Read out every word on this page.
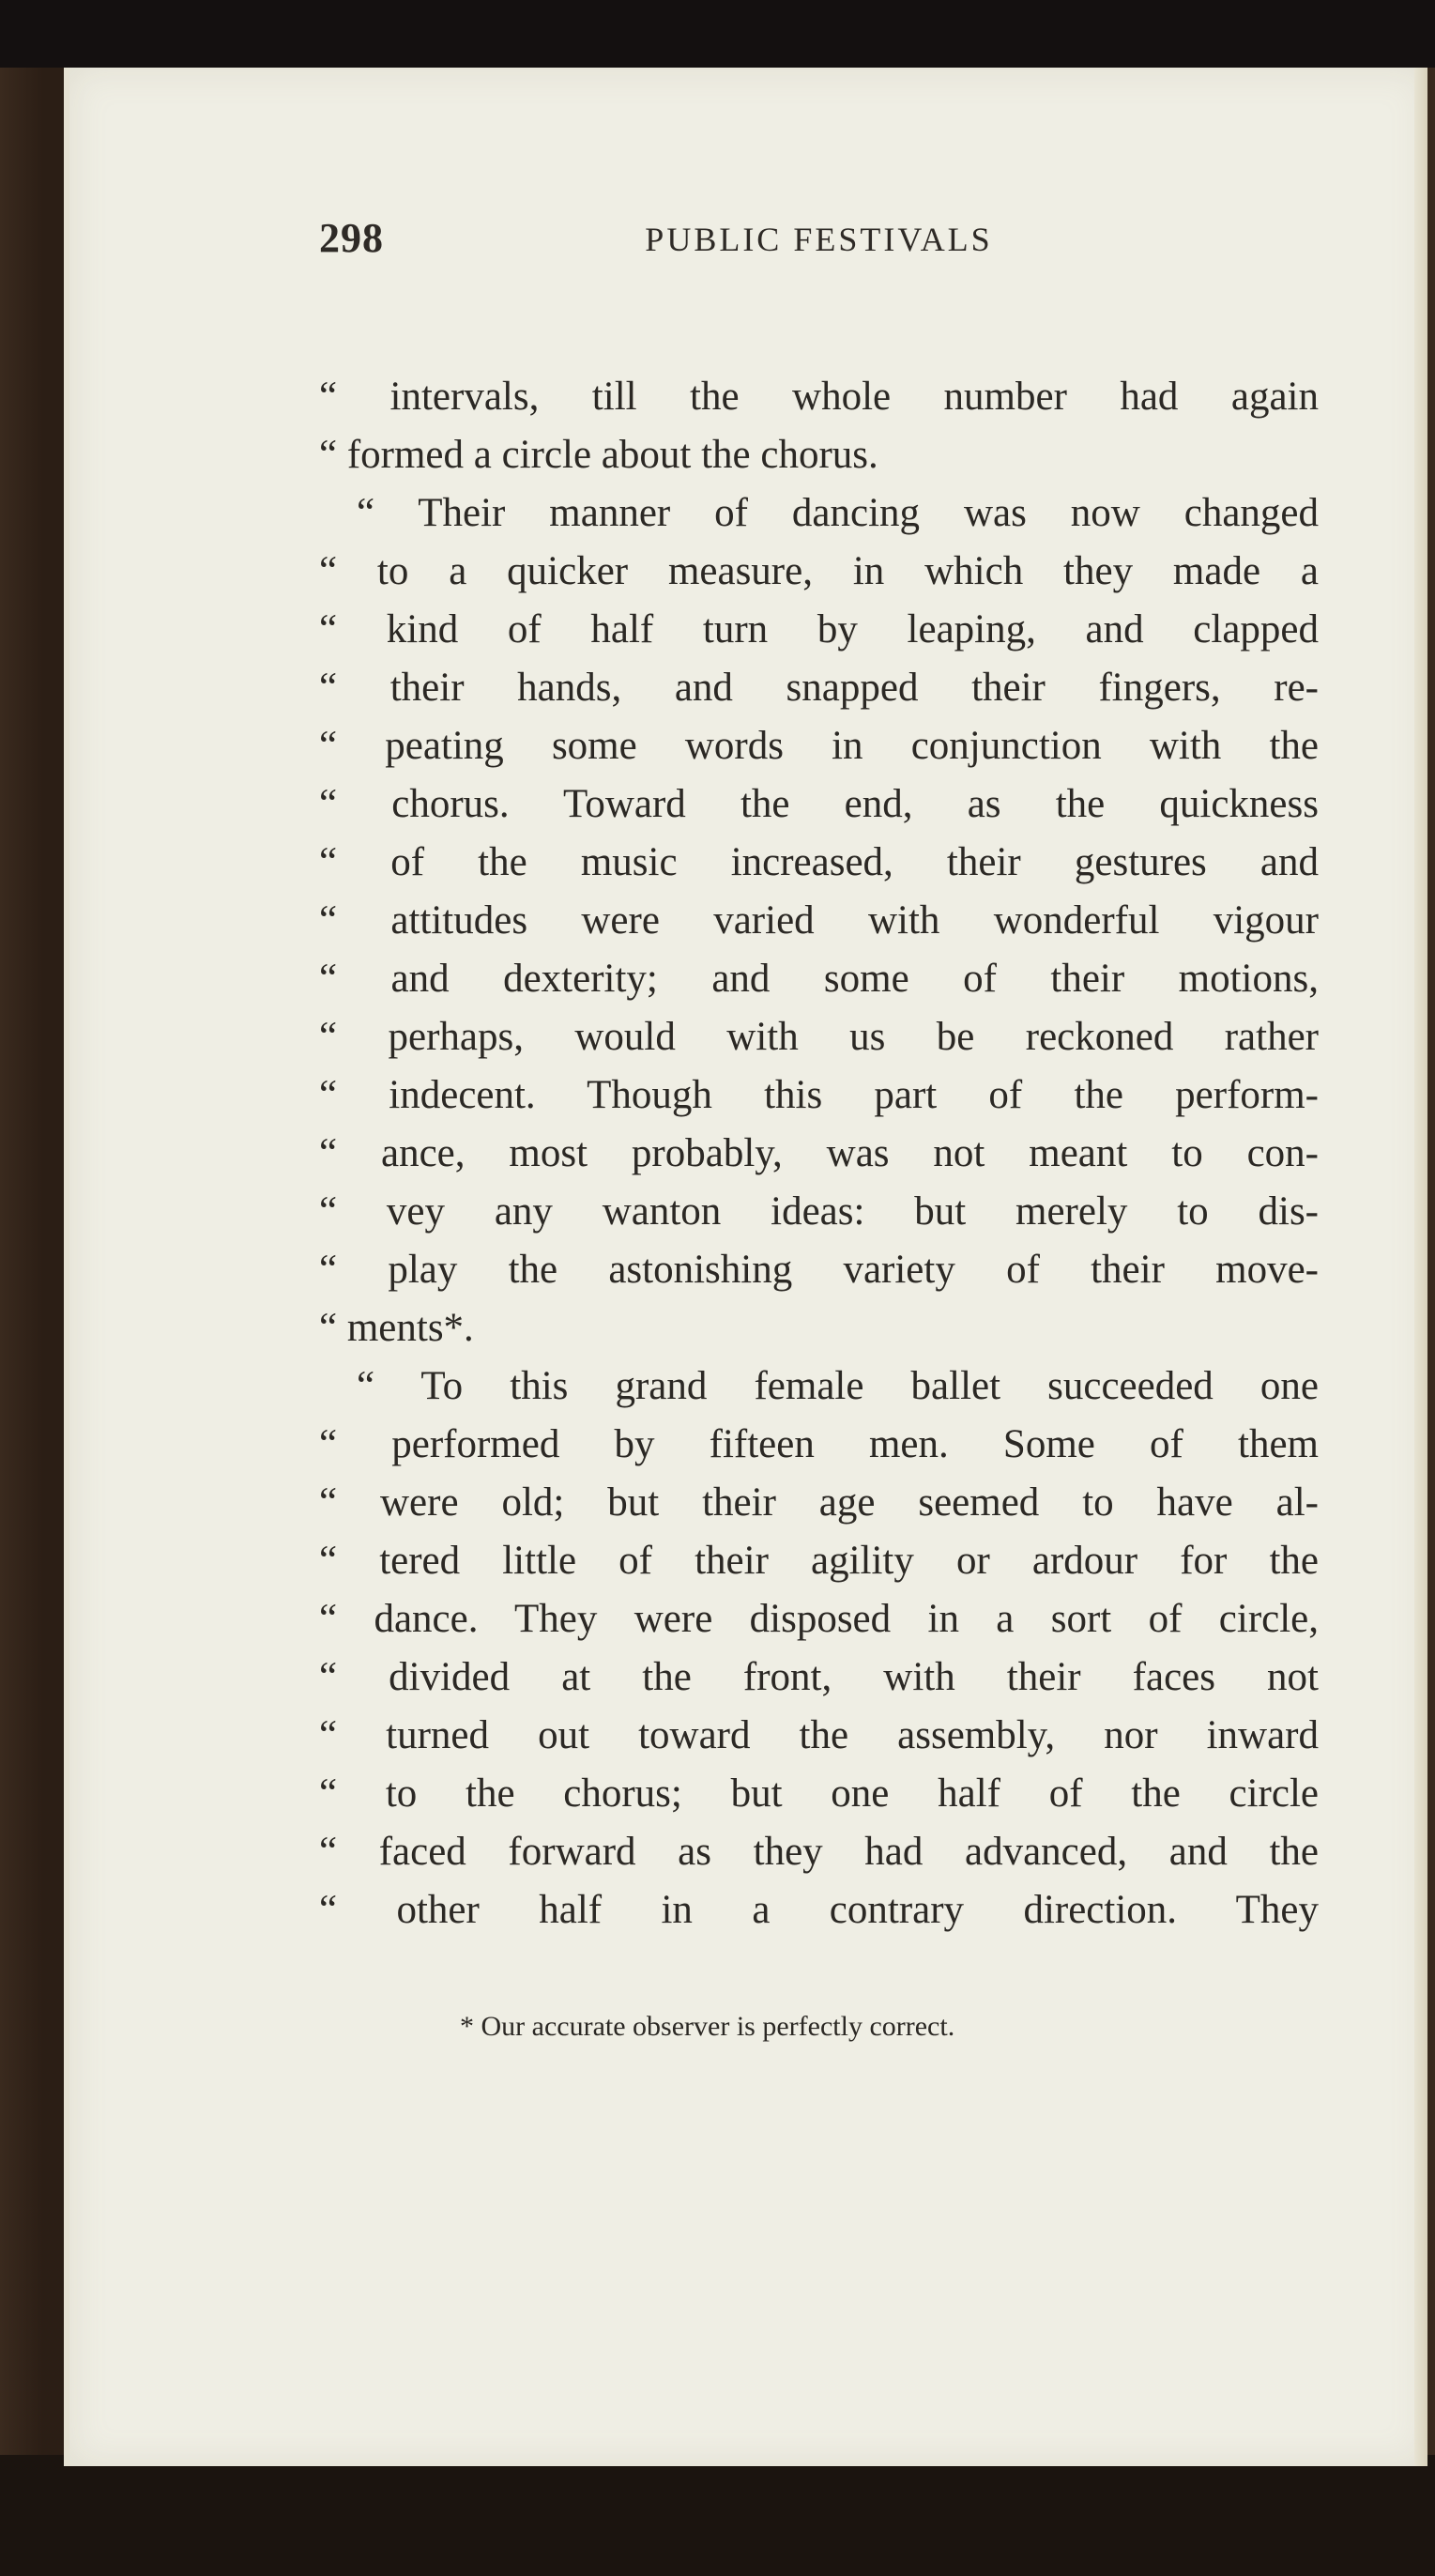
298	PUBLIC FESTIVALS
“ intervals, till the whole number had again
“ formed a circle about the chorus.
“ Their manner of dancing was now changed
“ to a quicker measure, in which they made a
“ kind of half turn by leaping, and clapped
“ their hands, and snapped their fingers, re-
“ peating some words in conjunction with the
“ chorus. Toward the end, as the quickness
“ of the music increased, their gestures and
“ attitudes were varied with wonderful vigour
“ and dexterity; and some of their motions,
“ perhaps, would with us be reckoned rather
“ indecent. Though this part of the perform-
“ ance, most probably, was not meant to con-
“ vey any wanton ideas: but merely to dis-
“ play the astonishing variety of their move-
“ ments*.
“ To this grand female ballet succeeded one
“ performed by fifteen men. Some of them
“ were old; but their age seemed to have al-
“ tered little of their agility or ardour for the
“ dance. They were disposed in a sort of circle,
“ divided at the front, with their faces not
“ turned out toward the assembly, nor inward
“ to the chorus; but one half of the circle
“ faced forward as they had advanced, and the
“ other half in a contrary direction. They
* Our accurate observer is perfectly correct.
